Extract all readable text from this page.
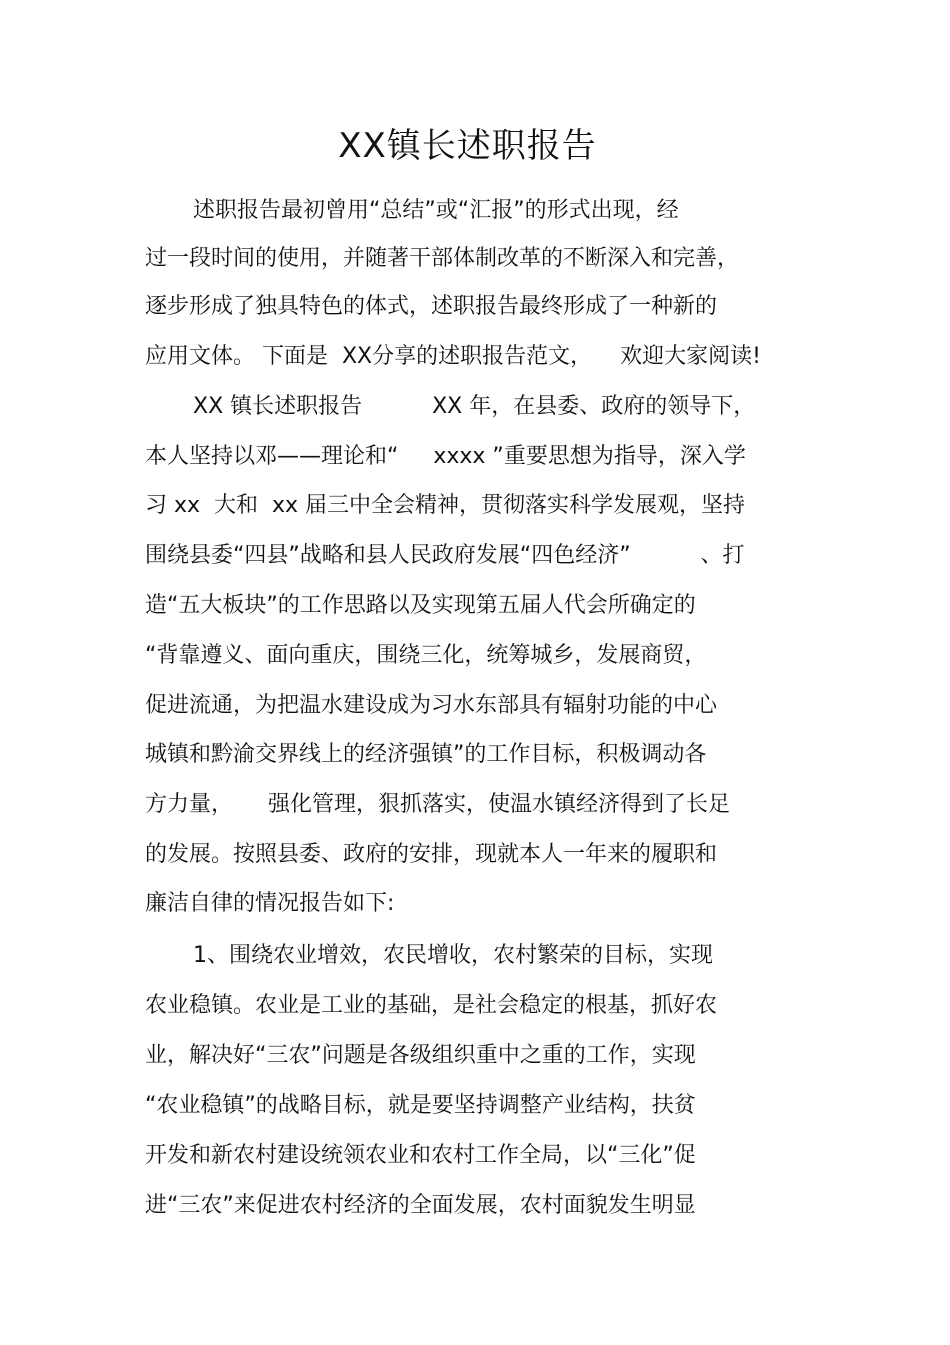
XX镇长述职报告

述职报告最初曾用“总结”或“汇报”的形式出现，经

过一段时间的使用，并随著干部体制改革的不断深入和完善，

逐步形成了独具特色的体式，述职报告最终形成了一种新的

应用文体。 下面是  XX分享的述职报告范文，    欢迎大家阅读!

XX 镇长述职报告          XX 年，在县委、政府的领导下，

本人坚持以邓——理论和“     xxxx ”重要思想为指导，深入学

习 xx  大和  xx 届三中全会精神，贯彻落实科学发展观，坚持

围绕县委“四县”战略和县人民政府发展“四色经济”          、打

造“五大板块”的工作思路以及实现第五届人代会所确定的

“背靠遵义、面向重庆，围绕三化，统筹城乡，发展商贸，

促进流通，为把温水建设成为习水东部具有辐射功能的中心

城镇和黔渝交界线上的经济强镇”的工作目标，积极调动各

方力量，     强化管理，狠抓落实，使温水镇经济得到了长足

的发展。按照县委、政府的安排，现就本人一年来的履职和

廉洁自律的情况报告如下:

1、围绕农业增效，农民增收，农村繁荣的目标，实现

农业稳镇。农业是工业的基础，是社会稳定的根基，抓好农

业，解决好“三农”问题是各级组织重中之重的工作，实现

“农业稳镇”的战略目标，就是要坚持调整产业结构，扶贫

开发和新农村建设统领农业和农村工作全局，以“三化”促

进“三农”来促进农村经济的全面发展，农村面貌发生明显
